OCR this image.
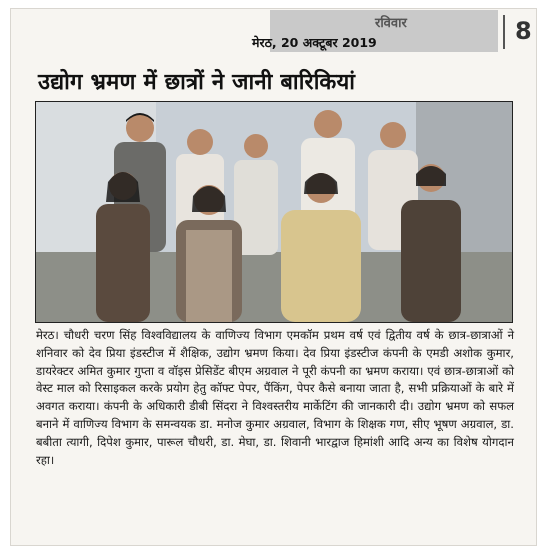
रविवार
मेरठ, 20 अक्टूबर 2019	8
उद्योग भ्रमण में छात्रों ने जानी बारिकियां
मेरठ। चौधरी चरण सिंह विश्वविद्यालय के वाणिज्य विभाग एमकॉम प्रथम वर्ष एवं द्वितीय वर्ष के छात्र-छात्राओं ने शनिवार को देव प्रिया इंडस्टीज में शैक्षिक, उद्योग भ्रमण किया। देव प्रिया इंडस्टीज कंपनी के एमडी अशोक कुमार, डायरेक्टर अमित कुमार गुप्ता व वॉइस प्रेसिडेंट बीएम अग्रवाल ने पूरी कंपनी का भ्रमण कराया। एवं छात्र-छात्राओं को वेस्ट माल को रिसाइकल करके प्रयोग हेतु कॉफ्ट पेपर, पैंकिंग, पेपर कैसे बनाया जाता है, सभी प्रक्रियाओं के बारे में अवगत कराया। कंपनी के अधिकारी डीबी सिंदरा ने विश्वस्तरीय मार्केटिंग की जानकारी दी। उद्योग भ्रमण को सफल बनाने में वाणिज्य विभाग के समन्वयक डा. मनोज कुमार अग्रवाल, विभाग के शिक्षक गण, सीए भूषण अग्रवाल, डा. बबीता त्यागी, दिपेश कुमार, पारूल चौधरी, डा. मेघा, डा. शिवानी भारद्वाज हिमांशी आदि अन्य का विशेष योगदान रहा।
